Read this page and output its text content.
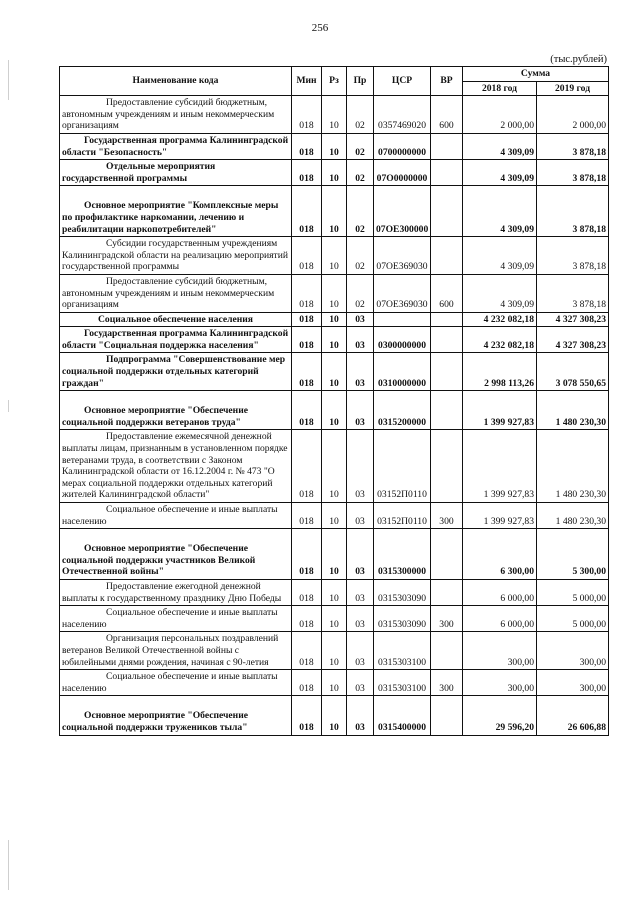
256
(тыс.рублей)
Наименование кода	Мин	Рз	Пр	ЦСР	ВР	Сумма	
						2018 год	2019 год

Предоставление субсидий бюджетным, автономным учреждениям и иным некоммерческим организациям	018	10	02	0357469020	600	2 000,00	2 000,00

Государственная программа Калининградской области "Безопасность"	018	10	02	0700000000		4 309,09	3 878,18

Отдельные мероприятия государственной программы	018	10	02	07О0000000		4 309,09	3 878,18

Основное мероприятие "Комплексные меры по профилактике наркомании, лечению и реабилитации наркопотребителей"	018	10	02	07ОЕ300000		4 309,09	3 878,18

Субсидии государственным учреждениям Калининградской области на реализацию мероприятий государственной программы	018	10	02	07ОЕ369030		4 309,09	3 878,18

Предоставление субсидий бюджетным, автономным учреждениям и иным некоммерческим организациям	018	10	02	07ОЕ369030	600	4 309,09	3 878,18

Социальное обеспечение населения	018	10	03			4 232 082,18	4 327 308,23

Государственная программа Калининградской области "Социальная поддержка населения"	018	10	03	0300000000		4 232 082,18	4 327 308,23

Подпрограмма "Совершенствование мер социальной поддержки отдельных категорий граждан"	018	10	03	0310000000		2 998 113,26	3 078 550,65

Основное мероприятие "Обеспечение социальной поддержки ветеранов труда"	018	10	03	0315200000		1 399 927,83	1 480 230,30

Предоставление ежемесячной денежной выплаты лицам, признанным в установленном порядке ветеранами труда, в соответствии с Законом Калининградской области от 16.12.2004 г. № 473 "О мерах социальной поддержки отдельных категорий жителей Калининградской области"	018	10	03	03152П0110		1 399 927,83	1 480 230,30

Социальное обеспечение и иные выплаты населению	018	10	03	03152П0110	300	1 399 927,83	1 480 230,30

Основное мероприятие "Обеспечение социальной поддержки участников Великой Отечественной войны"	018	10	03	0315300000		6 300,00	5 300,00

Предоставление ежегодной денежной выплаты к государственному празднику Дню Победы	018	10	03	0315303090		6 000,00	5 000,00

Социальное обеспечение и иные выплаты населению	018	10	03	0315303090	300	6 000,00	5 000,00

Организация персональных поздравлений ветеранов Великой Отечественной войны с юбилейными днями рождения, начиная с 90-летия	018	10	03	0315303100		300,00	300,00

Социальное обеспечение и иные выплаты населению	018	10	03	0315303100	300	300,00	300,00

Основное мероприятие "Обеспечение социальной поддержки тружеников тыла"	018	10	03	0315400000		29 596,20	26 606,88
